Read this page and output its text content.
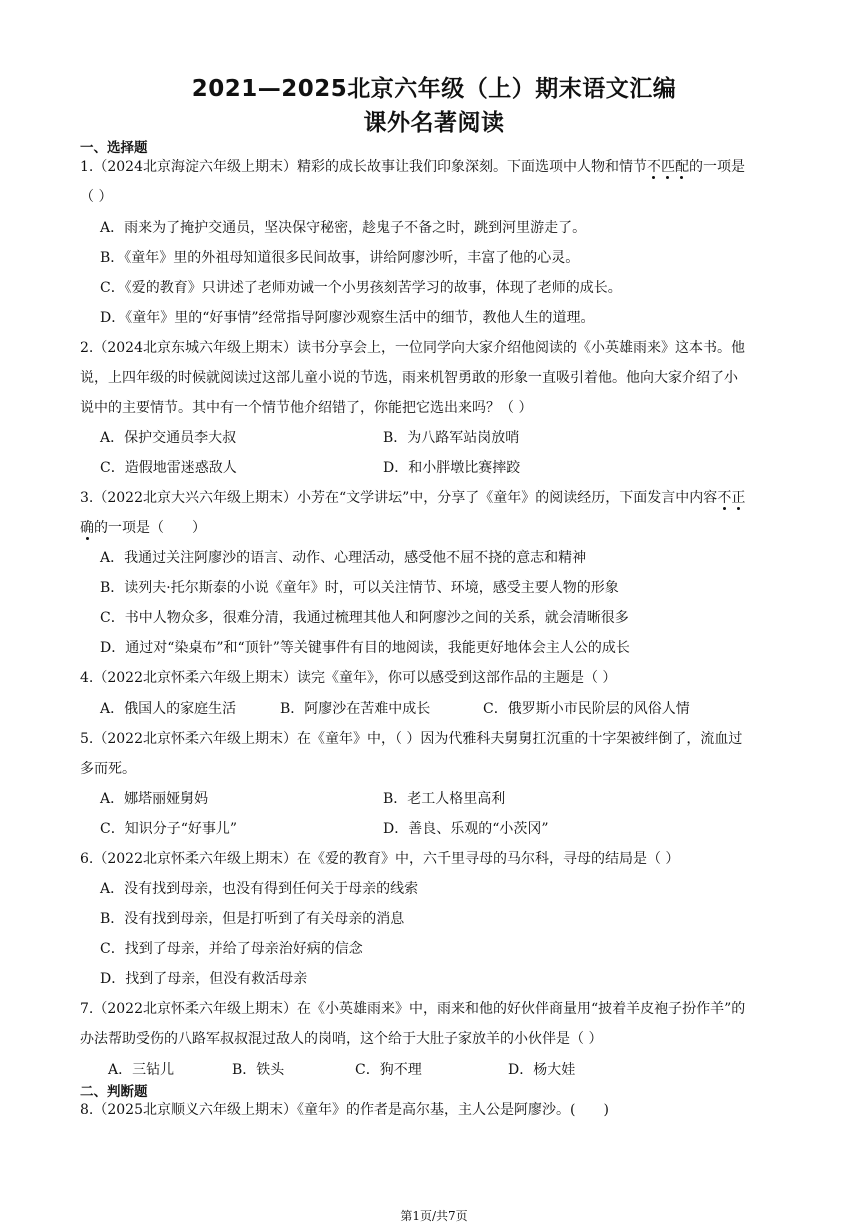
2021—2025北京六年级（上）期末语文汇编
课外名著阅读
一、选择题
1.（2024北京海淀六年级上期末）精彩的成长故事让我们印象深刻。下面选项中人物和情节不匹配的一项是
（ ）
A．雨来为了掩护交通员，坚决保守秘密，趁鬼子不备之时，跳到河里游走了。
B．《童年》里的外祖母知道很多民间故事，讲给阿廖沙听，丰富了他的心灵。
C．《爱的教育》只讲述了老师劝诫一个小男孩刻苦学习的故事，体现了老师的成长。
D．《童年》里的“好事情”经常指导阿廖沙观察生活中的细节，教他人生的道理。
2.（2024北京东城六年级上期末）读书分享会上，一位同学向大家介绍他阅读的《小英雄雨来》这本书。他
说，上四年级的时候就阅读过这部儿童小说的节选，雨来机智勇敢的形象一直吸引着他。他向大家介绍了小
说中的主要情节。其中有一个情节他介绍错了，你能把它选出来吗？（ ）
A．保护交通员李大叔	B．为八路军站岗放哨
C．造假地雷迷惑敌人	D．和小胖墩比赛摔跤
3.（2022北京大兴六年级上期末）小芳在“文学讲坛”中，分享了《童年》的阅读经历，下面发言中内容不正
确的一项是（　　）
A．我通过关注阿廖沙的语言、动作、心理活动，感受他不屈不挠的意志和精神
B．读列夫·托尔斯泰的小说《童年》时，可以关注情节、环境，感受主要人物的形象
C．书中人物众多，很难分清，我通过梳理其他人和阿廖沙之间的关系，就会清晰很多
D．通过对“染桌布”和“顶针”等关键事件有目的地阅读，我能更好地体会主人公的成长
4.（2022北京怀柔六年级上期末）读完《童年》，你可以感受到这部作品的主题是（ ）
A．俄国人的家庭生活	B．阿廖沙在苦难中成长	C．俄罗斯小市民阶层的风俗人情
5.（2022北京怀柔六年级上期末）在《童年》中，（ ）因为代雅科夫舅舅扛沉重的十字架被绊倒了，流血过
多而死。
A．娜塔丽娅舅妈	B．老工人格里高利
C．知识分子“好事儿”	D．善良、乐观的“小茨冈”
6.（2022北京怀柔六年级上期末）在《爱的教育》中，六千里寻母的马尔科，寻母的结局是（ ）
A．没有找到母亲，也没有得到任何关于母亲的线索
B．没有找到母亲，但是打听到了有关母亲的消息
C．找到了母亲，并给了母亲治好病的信念
D．找到了母亲，但没有救活母亲
7.（2022北京怀柔六年级上期末）在《小英雄雨来》中，雨来和他的好伙伴商量用“披着羊皮袍子扮作羊”的
办法帮助受伤的八路军叔叔混过敌人的岗哨，这个给于大肚子家放羊的小伙伴是（ ）
A．三钻儿	B．铁头	C．狗不理	D．杨大娃
二、判断题
8.（2025北京顺义六年级上期末）《童年》的作者是高尔基，主人公是阿廖沙。(　　)
第1页/共7页
